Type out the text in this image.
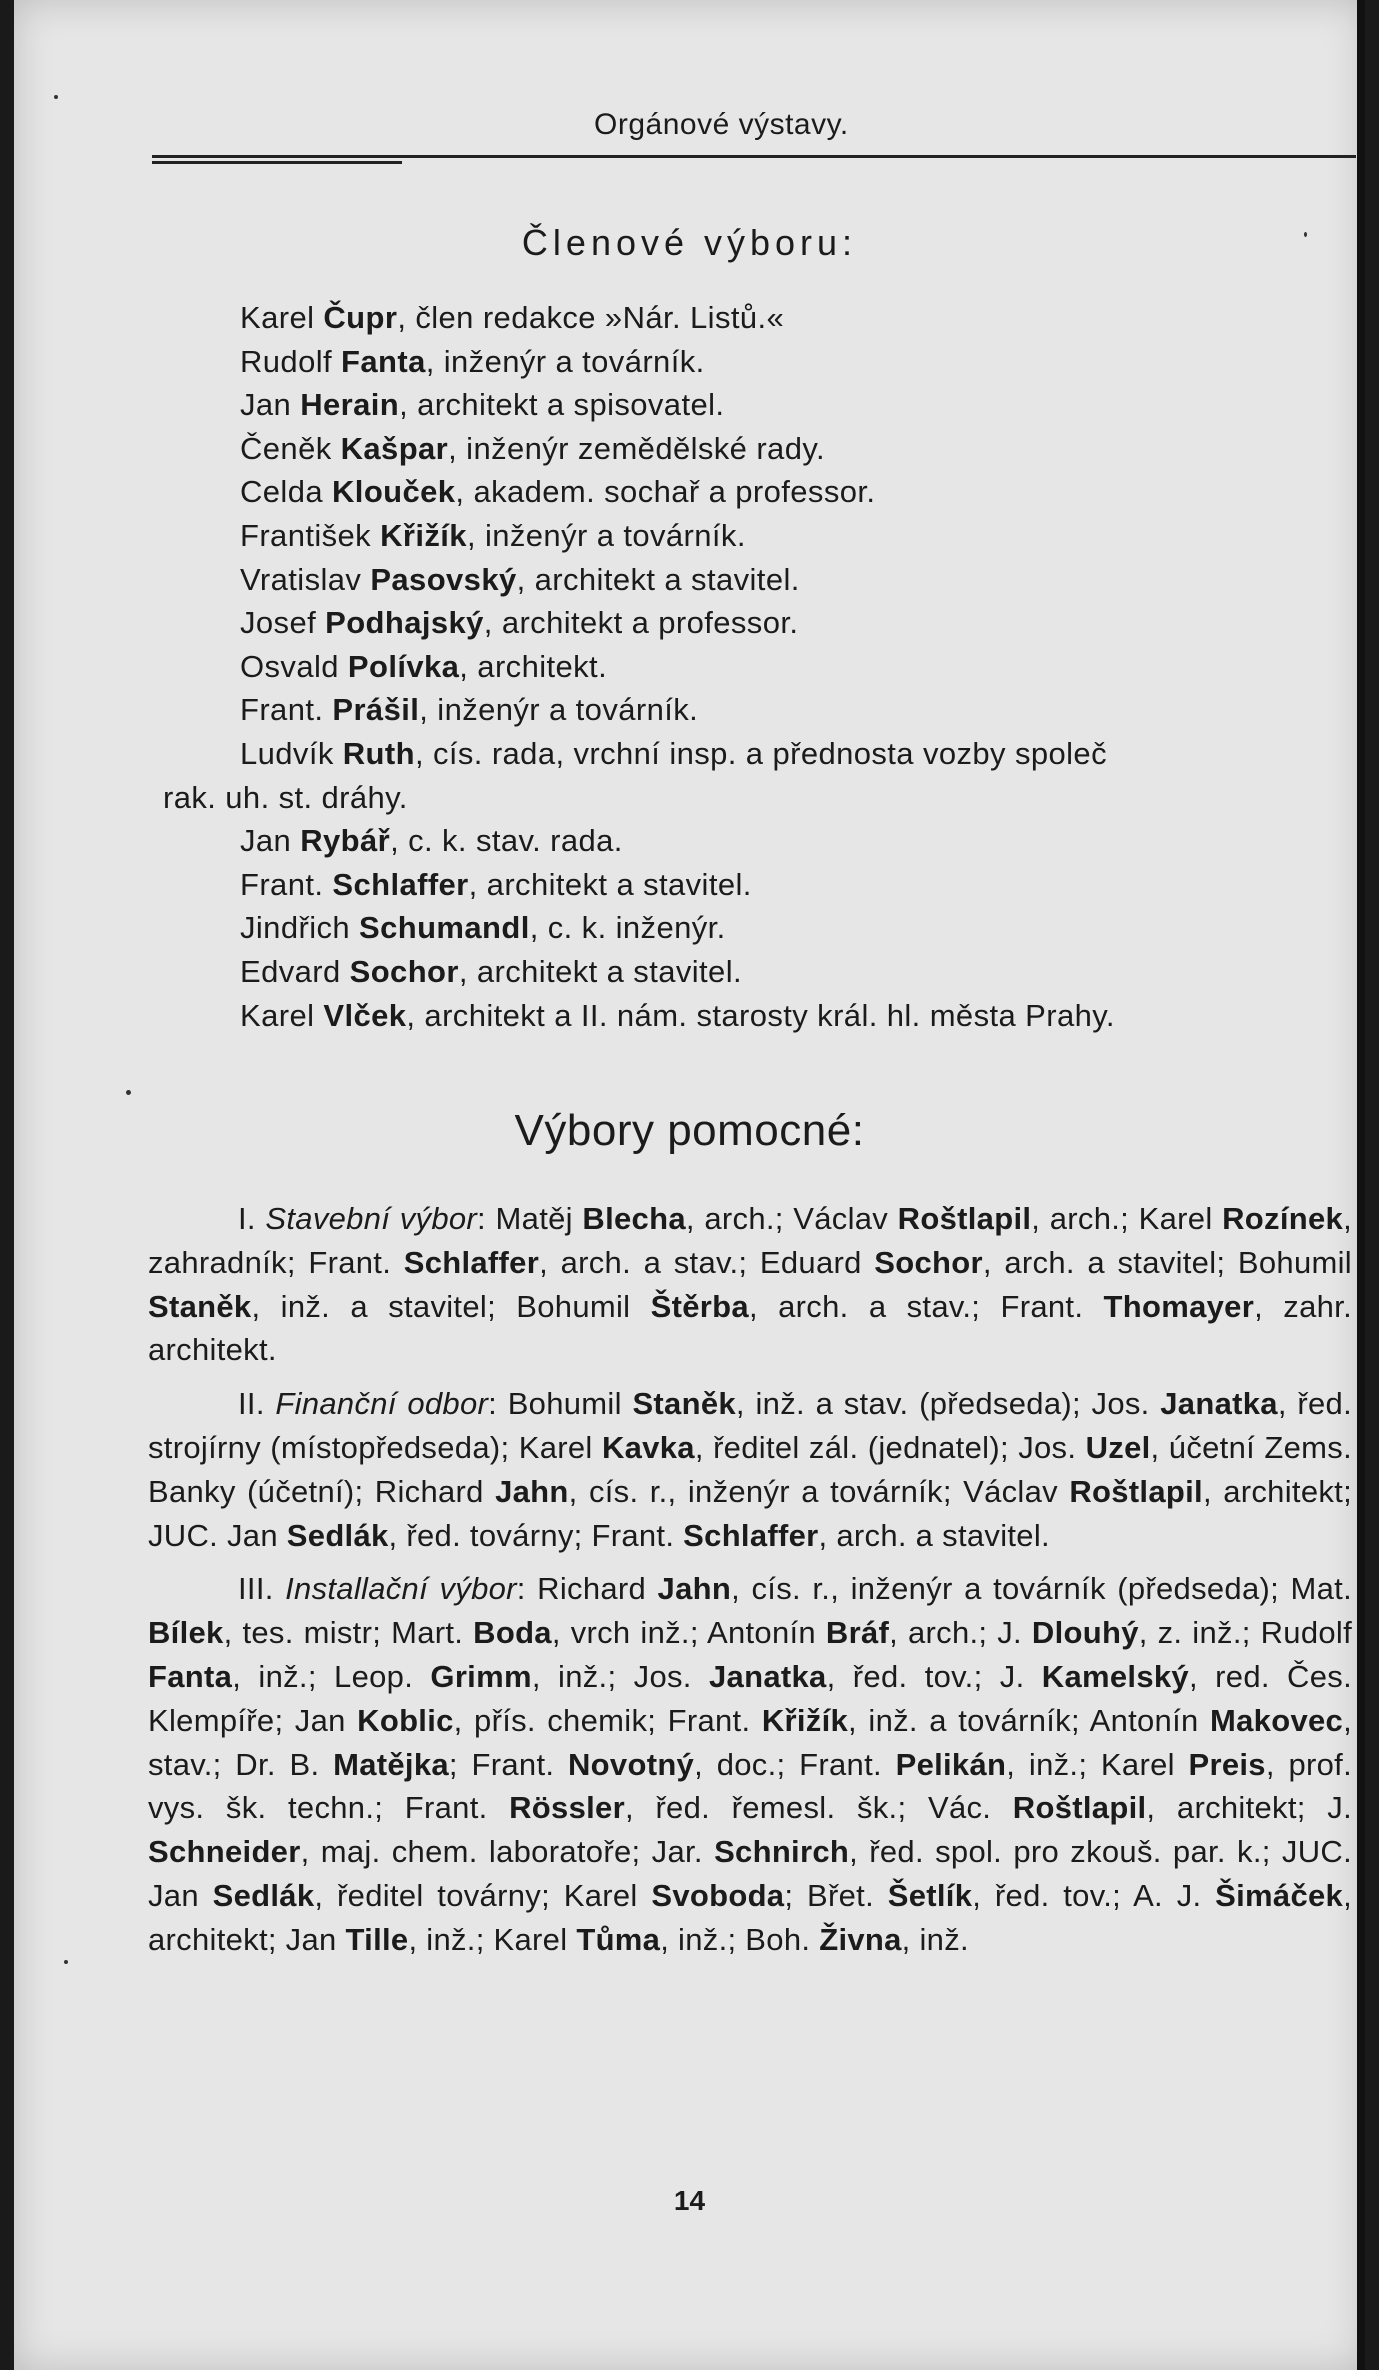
Orgánové výstavy.
Členové výboru:
Karel Čupr, člen redakce »Nár. Listů.«
Rudolf Fanta, inženýr a továrník.
Jan Herain, architekt a spisovatel.
Čeněk Kašpar, inženýr zemědělské rady.
Celda Klouček, akadem. sochař a professor.
František Křižík, inženýr a továrník.
Vratislav Pasovský, architekt a stavitel.
Josef Podhajský, architekt a professor.
Osvald Polívka, architekt.
Frant. Prášil, inženýr a továrník.
Ludvík Ruth, cís. rada, vrchní insp. a přednosta vozby společ
rak. uh. st. dráhy.
Jan Rybář, c. k. stav. rada.
Frant. Schlaffer, architekt a stavitel.
Jindřich Schumandl, c. k. inženýr.
Edvard Sochor, architekt a stavitel.
Karel Vlček, architekt a II. nám. starosty král. hl. města Prahy.
Výbory pomocné:

I. Stavební výbor: Matěj Blecha, arch.; Václav Roštlapil, arch.; Karel Rozínek, zahradník; Frant. Schlaffer, arch. a stav.; Eduard Sochor, arch. a stavitel; Bohumil Staněk, inž. a stavitel; Bohumil Štěrba, arch. a stav.; Frant. Thomayer, zahr. architekt.

II. Finanční odbor: Bohumil Staněk, inž. a stav. (předseda); Jos. Janatka, řed. strojírny (místopředseda); Karel Kavka, ředitel zál. (jednatel); Jos. Uzel, účetní Zems. Banky (účetní); Richard Jahn, cís. r., inženýr a továrník; Václav Roštlapil, architekt; JUC. Jan Sedlák, řed. továrny; Frant. Schlaffer, arch. a stavitel.

III. Installační výbor: Richard Jahn, cís. r., inženýr a továrník (předseda); Mat. Bílek, tes. mistr; Mart. Boda, vrch inž.; Antonín Bráf, arch.; J. Dlouhý, z. inž.; Rudolf Fanta, inž.; Leop. Grimm, inž.; Jos. Janatka, řed. tov.; J. Kamelský, red. Čes. Klempíře; Jan Koblic, přís. chemik; Frant. Křižík, inž. a továrník; Antonín Makovec, stav.; Dr. B. Matějka; Frant. Novotný, doc.; Frant. Pelikán, inž.; Karel Preis, prof. vys. šk. techn.; Frant. Rössler, řed. řemesl. šk.; Vác. Roštlapil, architekt; J. Schneider, maj. chem. laboratoře; Jar. Schnirch, řed. spol. pro zkouš. par. k.; JUC. Jan Sedlák, ředitel továrny; Karel Svoboda; Břet. Šetlík, řed. tov.; A. J. Šimáček, architekt; Jan Tille, inž.; Karel Tůma, inž.; Boh. Živna, inž.

14
